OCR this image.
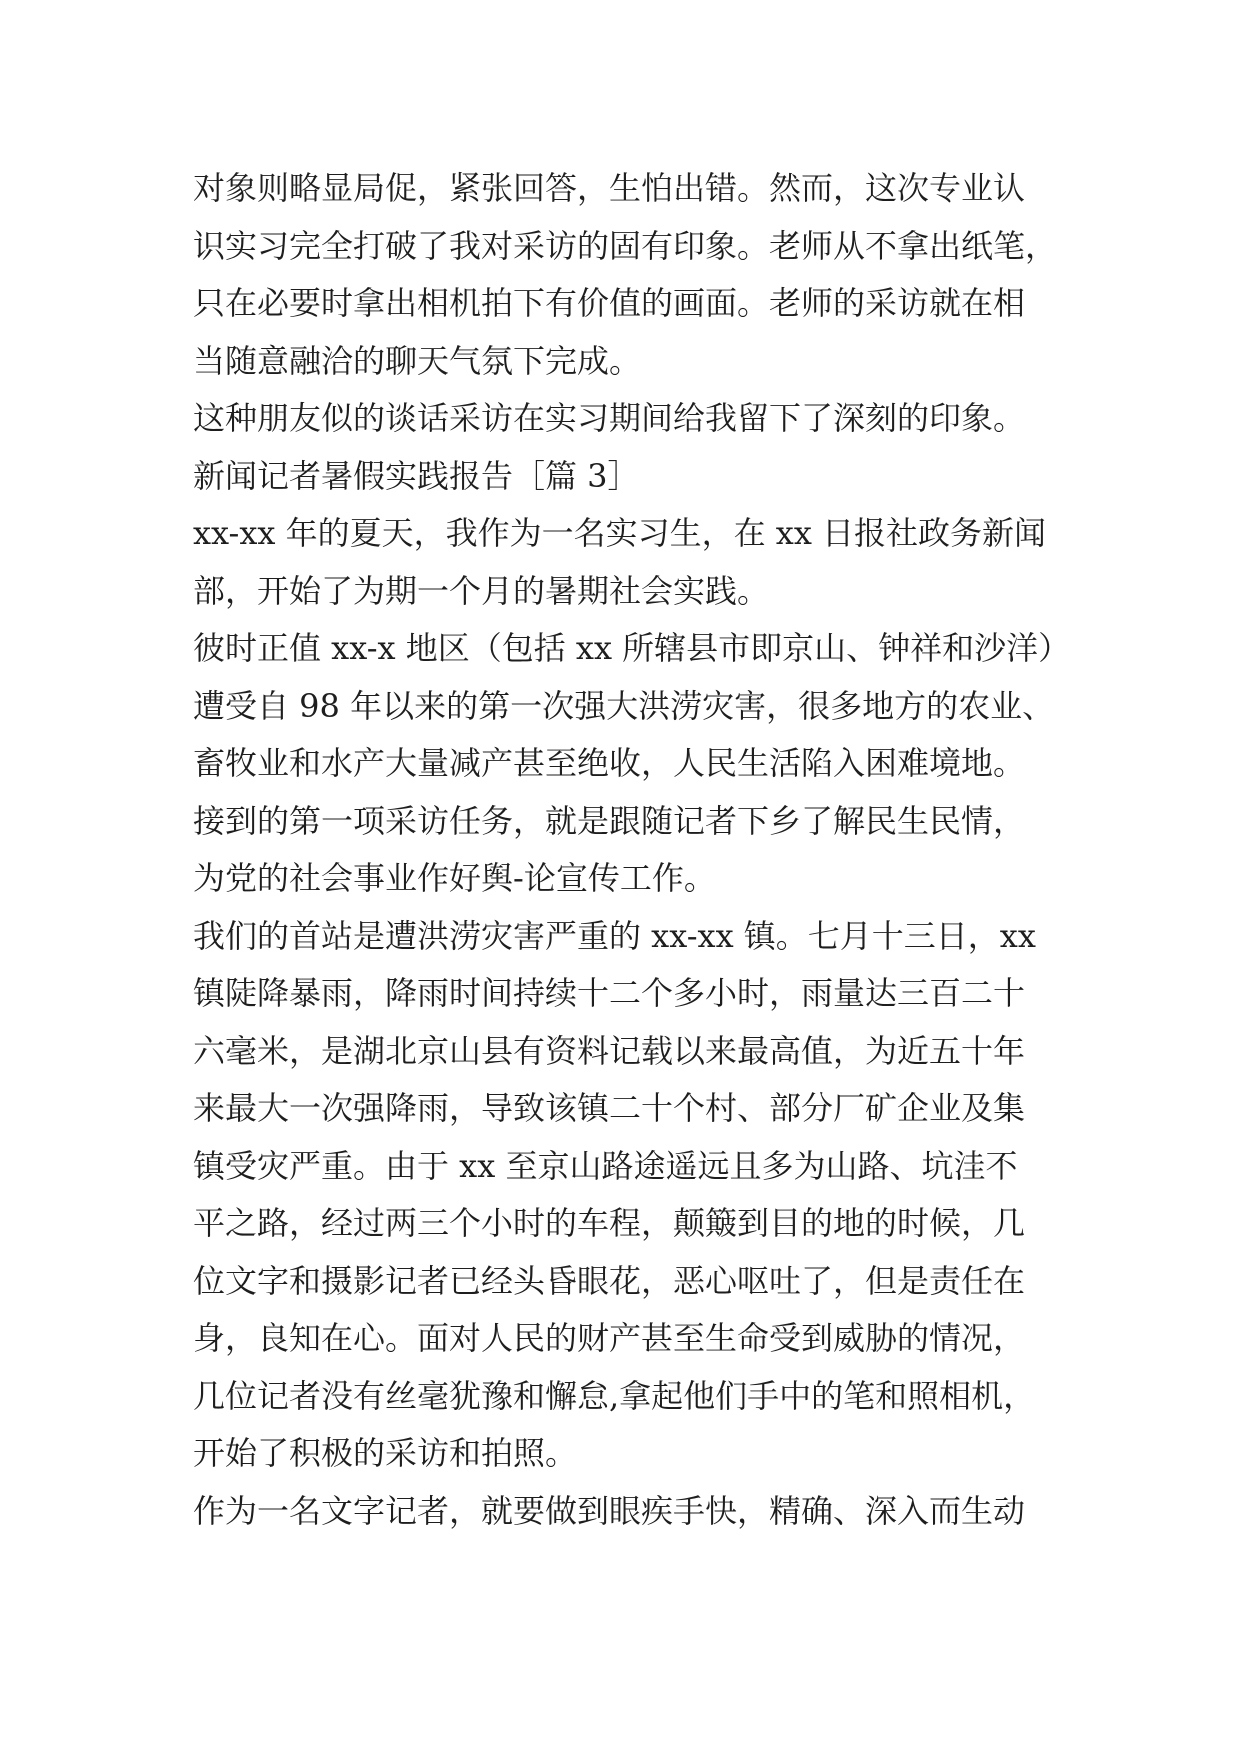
对象则略显局促，紧张回答，生怕出错。然而，这次专业认
识实习完全打破了我对采访的固有印象。老师从不拿出纸笔，
只在必要时拿出相机拍下有价值的画面。老师的采访就在相
当随意融洽的聊天气氛下完成。
这种朋友似的谈话采访在实习期间给我留下了深刻的印象。
新闻记者暑假实践报告［篇 3］
xx-xx 年的夏天，我作为一名实习生，在 xx 日报社政务新闻
部，开始了为期一个月的暑期社会实践。
彼时正值 xx-x 地区（包括 xx 所辖县市即京山、钟祥和沙洋）
遭受自 98 年以来的第一次强大洪涝灾害，很多地方的农业、
畜牧业和水产大量减产甚至绝收，人民生活陷入困难境地。
接到的第一项采访任务，就是跟随记者下乡了解民生民情，
为党的社会事业作好舆-论宣传工作。
我们的首站是遭洪涝灾害严重的 xx-xx 镇。七月十三日，xx
镇陡降暴雨，降雨时间持续十二个多小时，雨量达三百二十
六毫米，是湖北京山县有资料记载以来最高值，为近五十年
来最大一次强降雨，导致该镇二十个村、部分厂矿企业及集
镇受灾严重。由于 xx 至京山路途遥远且多为山路、坑洼不
平之路，经过两三个小时的车程，颠簸到目的地的时候，几
位文字和摄影记者已经头昏眼花，恶心呕吐了，但是责任在
身，良知在心。面对人民的财产甚至生命受到威胁的情况，
几位记者没有丝毫犹豫和懈怠,拿起他们手中的笔和照相机，
开始了积极的采访和拍照。
作为一名文字记者，就要做到眼疾手快，精确、深入而生动
